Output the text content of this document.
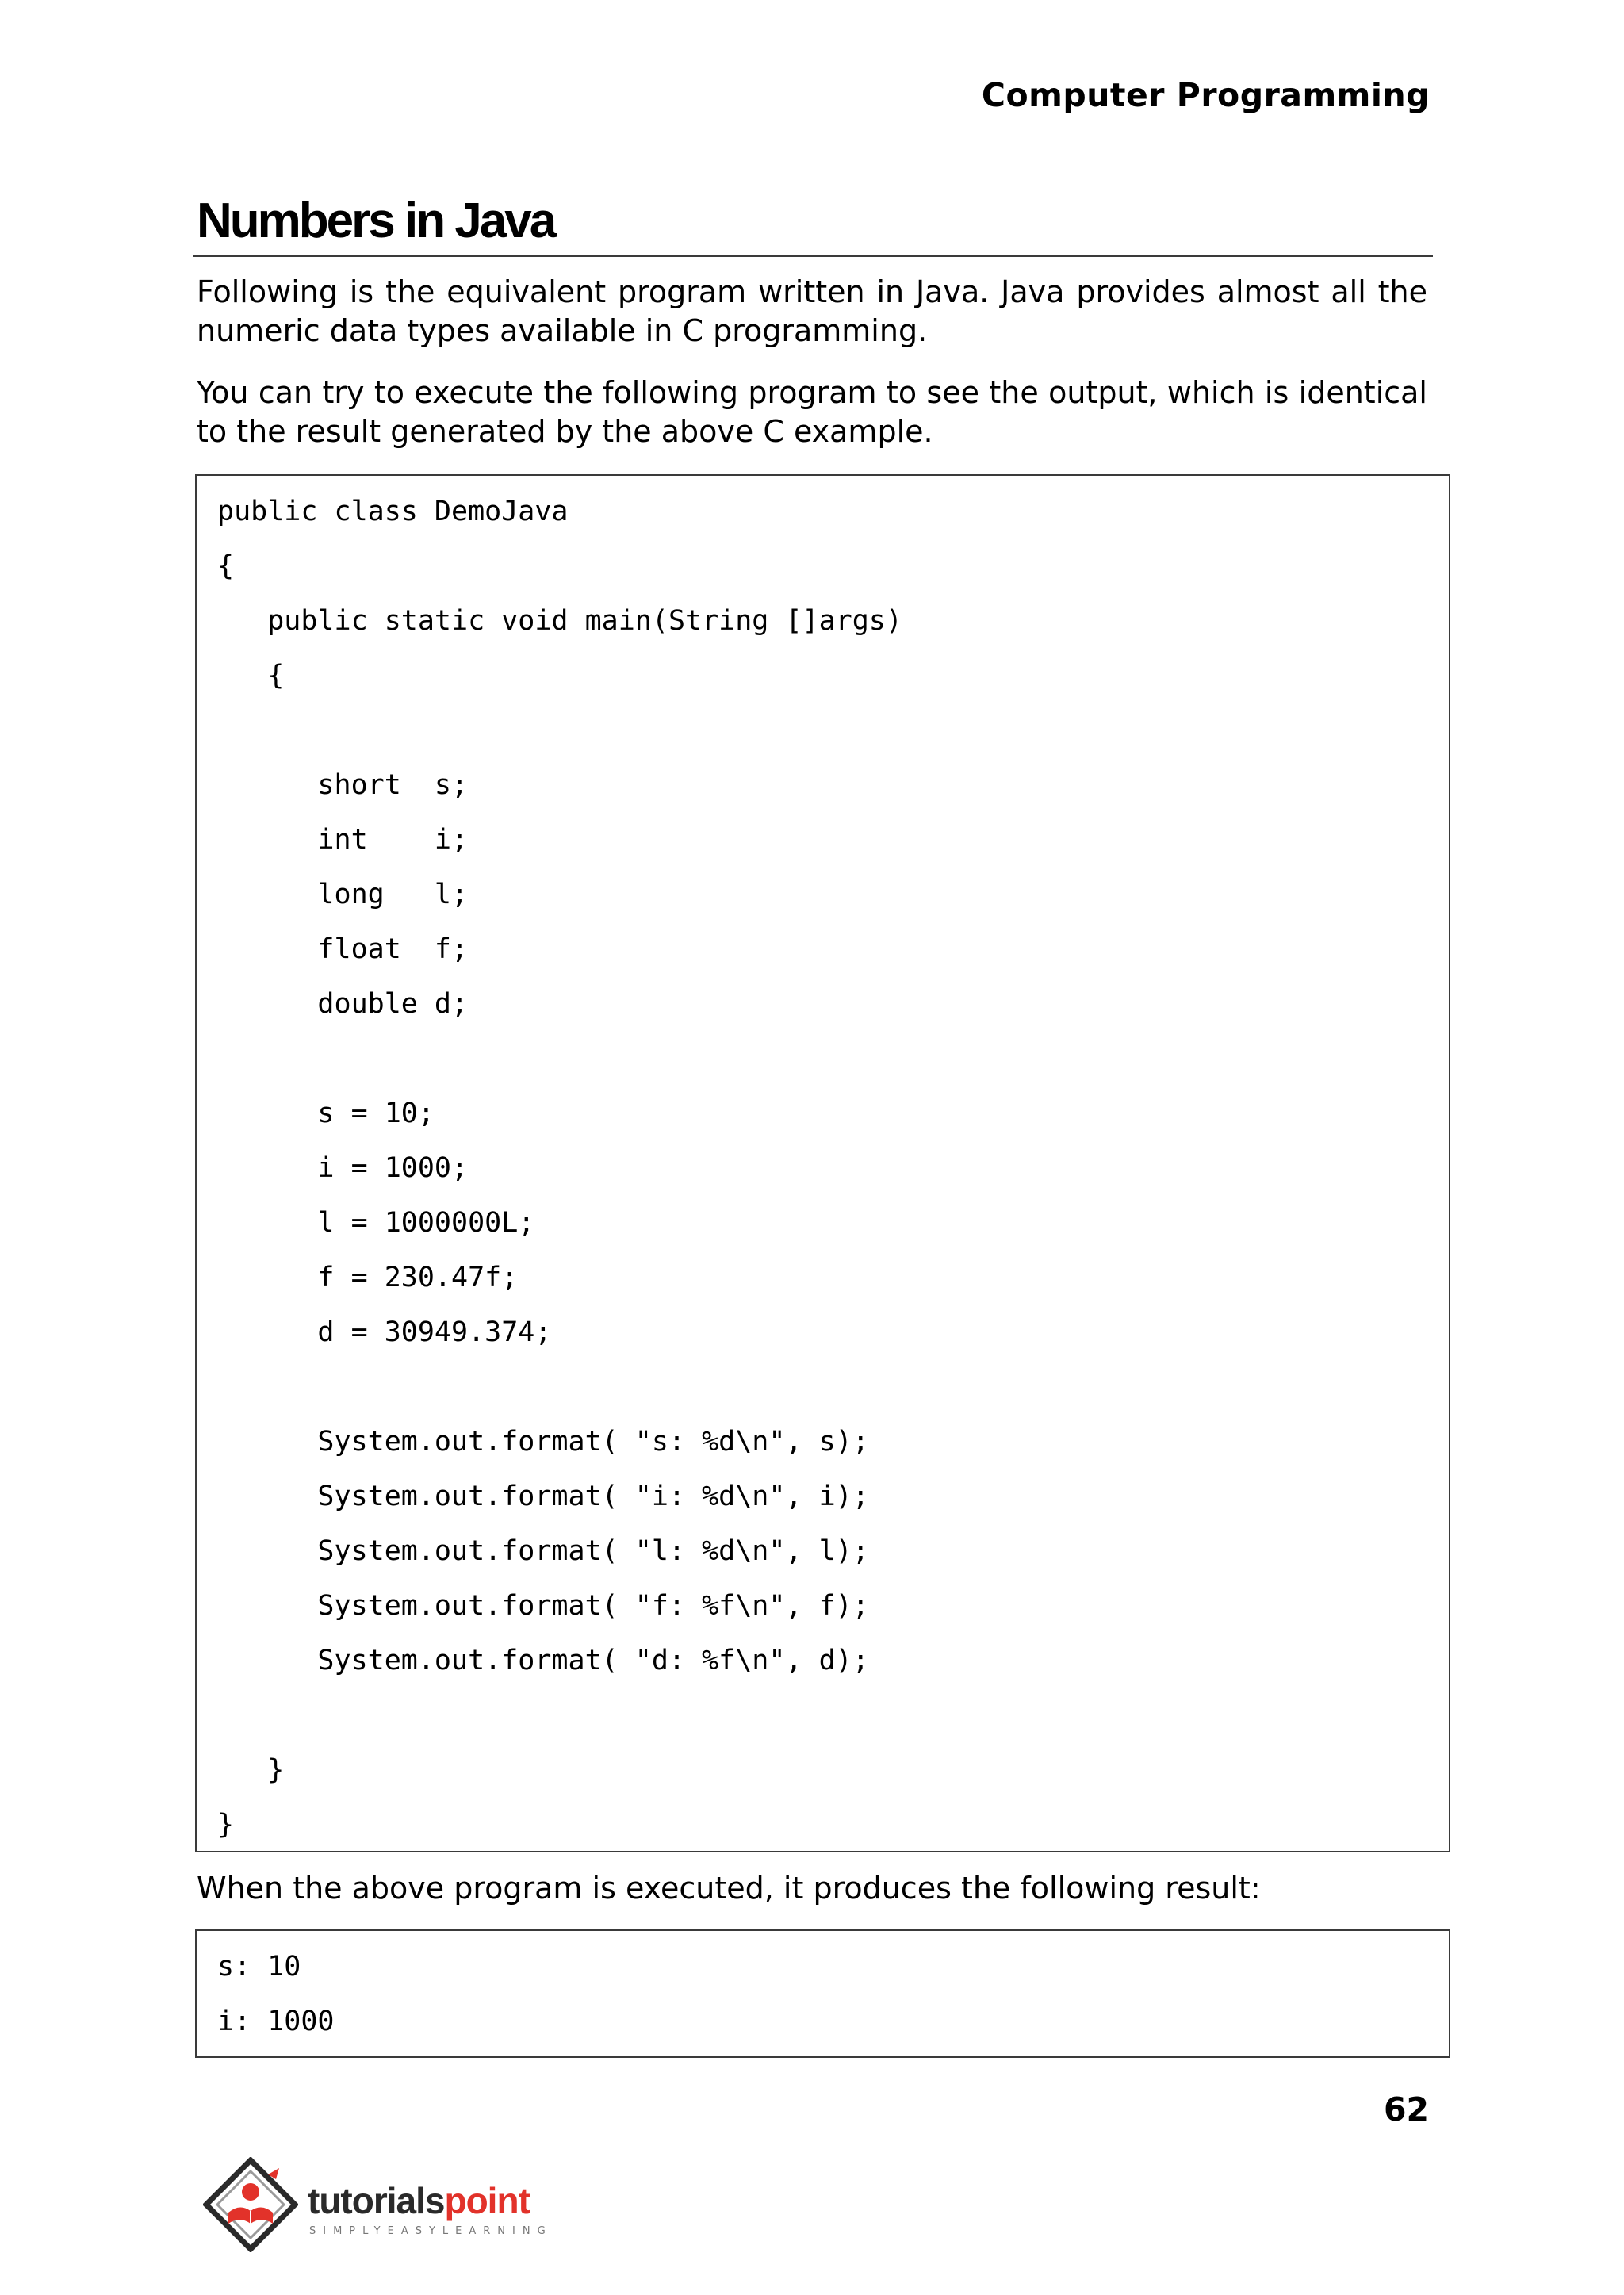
Computer Programming
Numbers in Java

Following is the equivalent program written in Java. Java provides almost all the numeric data types available in C programming.

You can try to execute the following program to see the output, which is identical to the result generated by the above C example.

public class DemoJava
{
public static void main(String []args)
{
short  s;
int    i;
long   l;
float  f;
double d;
s = 10;
i = 1000;
l = 1000000L;
f = 230.47f;
d = 30949.374;
System.out.format( "s: %d\n", s);
System.out.format( "i: %d\n", i);
System.out.format( "l: %d\n", l);
System.out.format( "f: %f\n", f);
System.out.format( "d: %f\n", d);
}
}

When the above program is executed, it produces the following result:

s: 10
i: 1000
62
tutorialspoint
SIMPLYEASYLEARNING
